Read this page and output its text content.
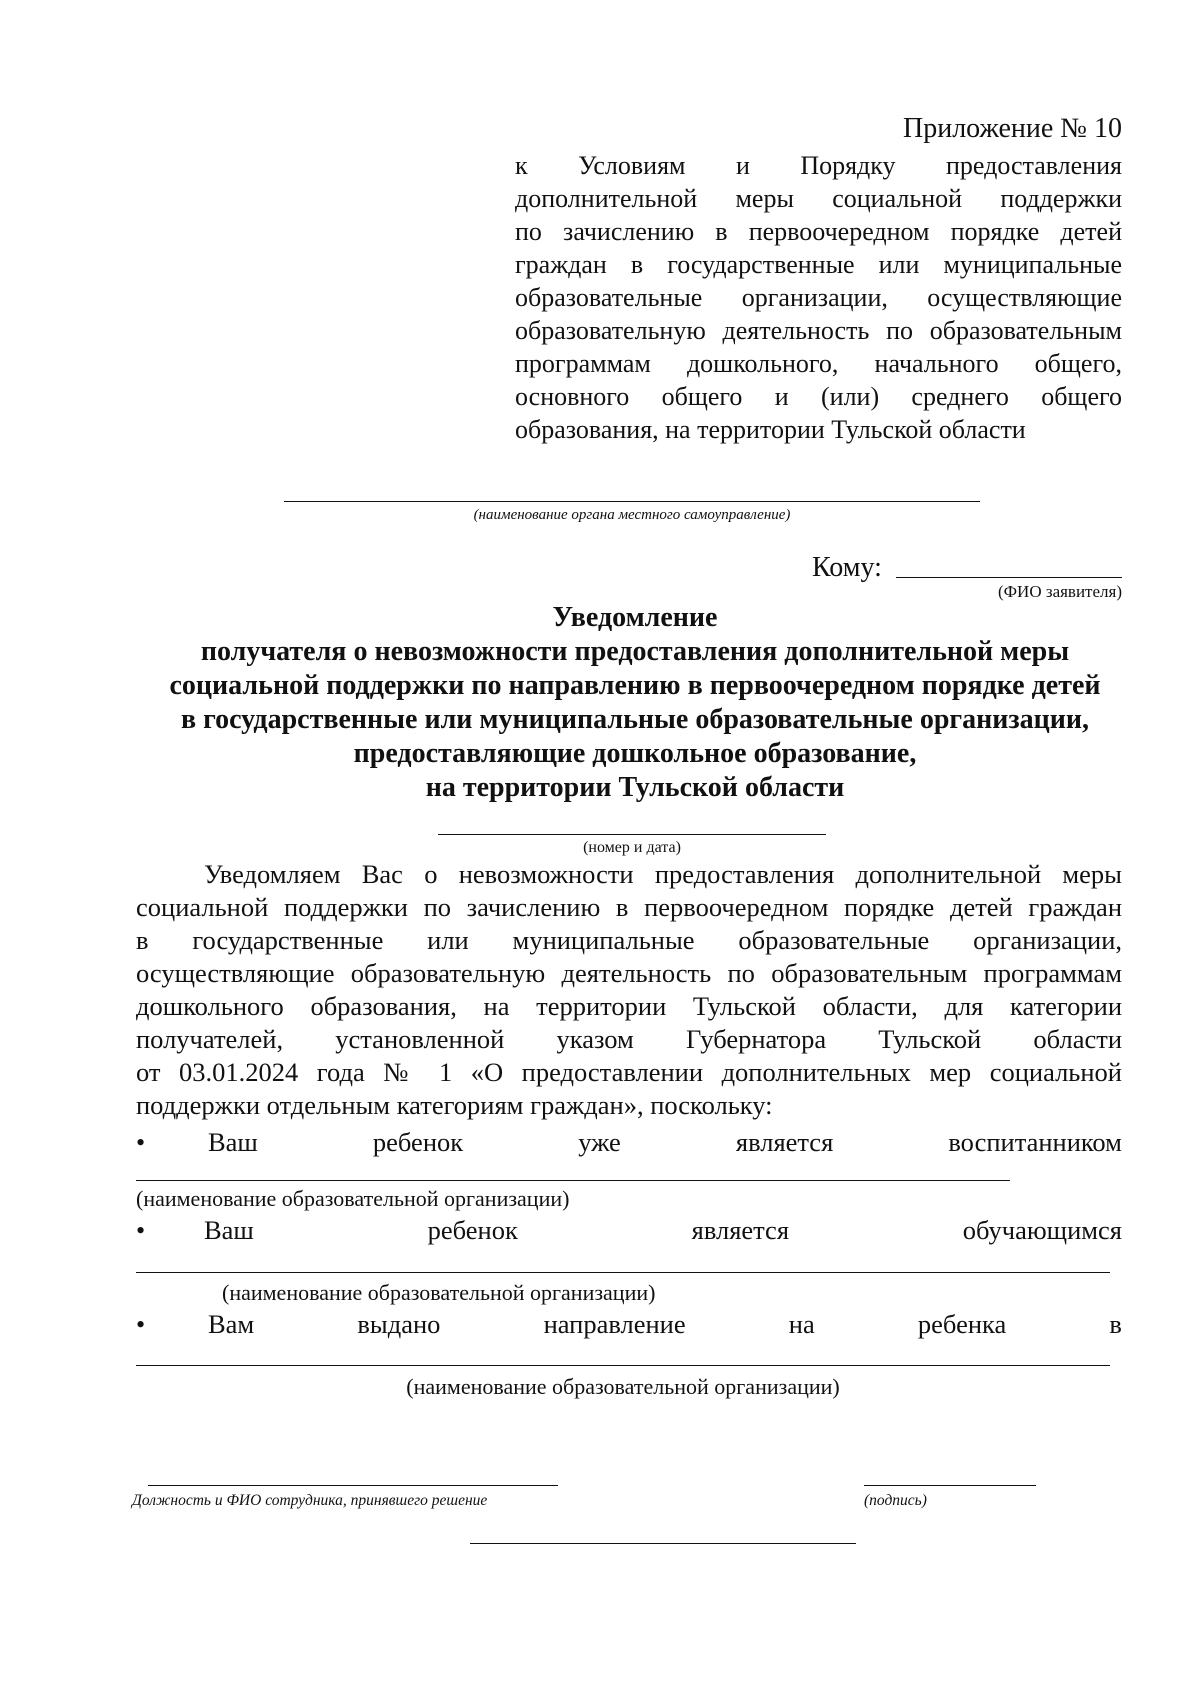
Приложение № 10
к Условиям и Порядку предоставления
дополнительной меры социальной поддержки
по зачислению в первоочередном порядке детей
граждан в государственные или муниципальные
образовательные организации, осуществляющие
образовательную деятельность по образовательным
программам дошкольного, начального общего,
основного общего и (или) среднего общего
образования, на территории Тульской области
(наименование органа местного самоуправление)
Кому:
(ФИО заявителя)
Уведомление
получателя о невозможности предоставления дополнительной меры
социальной поддержки по направлению в первоочередном порядке детей
в государственные или муниципальные образовательные организации,
предоставляющие дошкольное образование,
на территории Тульской области
(номер и дата)
Уведомляем Вас о невозможности предоставления дополнительной меры
социальной поддержки по зачислению в первоочередном порядке детей граждан
в государственные или муниципальные образовательные организации,
осуществляющие образовательную деятельность по образовательным программам
дошкольного образования, на территории Тульской области, для категории
получателей, установленной указом Губернатора Тульской области
от 03.01.2024 года № 1 «О предоставлении дополнительных мер социальной
поддержки отдельным категориям граждан», поскольку:
•	Ваш	ребенок	уже	является	воспитанником
(наименование образовательной организации)
•	Ваш	ребенок	является	обучающимся
(наименование образовательной организации)
•	Вам	выдано	направление	на	ребенка	в
(наименование образовательной организации)
Должность и ФИО сотрудника, принявшего решение	(подпись)
